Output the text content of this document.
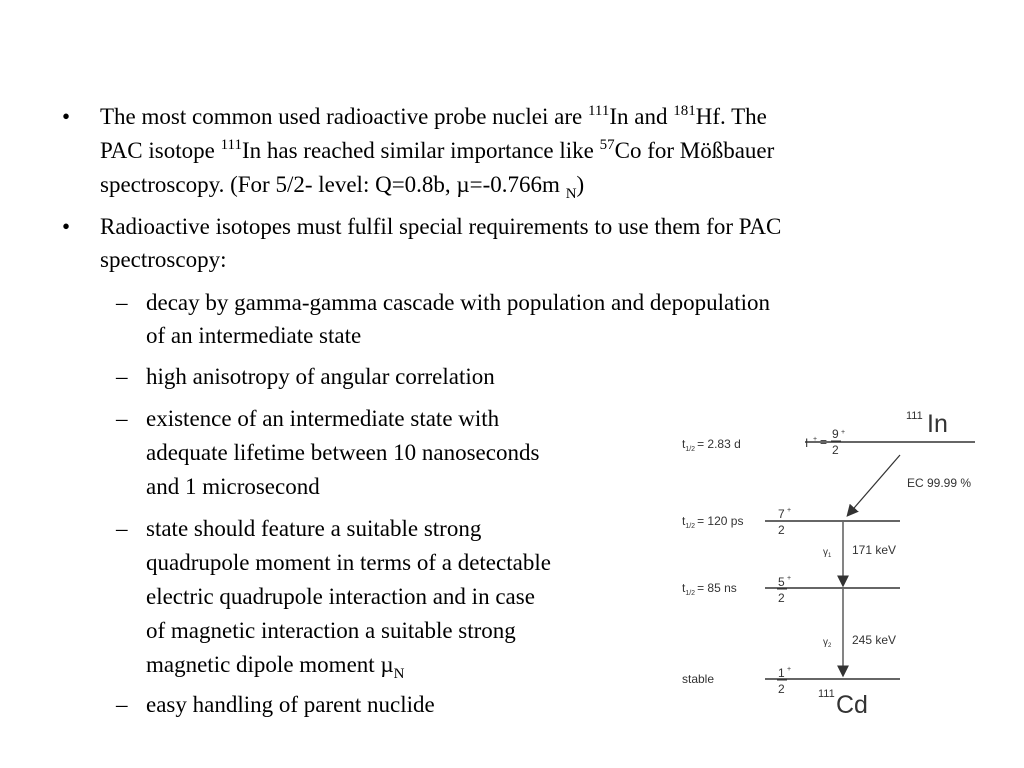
• The most common used radioactive probe nuclei are $^{111}$In and $^{181}$Hf. The
PAC isotope $^{111}$In has reached similar importance like $^{57}$Co for Mößbauer
spectroscopy. (For 5/2- level: Q=0.8b, µ=-0.766m $_N$)
• Radioactive isotopes must fulfil special requirements to use them for PAC
spectroscopy:
– decay by gamma-gamma cascade with population and depopulation
of an intermediate state
– high anisotropy of angular correlation
– existence of an intermediate state with
adequate lifetime between 10 nanoseconds
and 1 microsecond
– state should feature a suitable strong
quadrupole moment in terms of a detectable
electric quadrupole interaction and in case
of magnetic interaction a suitable strong
magnetic dipole moment µ$_N$
– easy handling of parent nuclide
111 In
$t_{1/2} = 2.83$ d	I + =
9
2
+
EC 99.99 %
$t_{1/2} = 120$ ps	7
2
+
$\gamma_1$ 171 keV
$t_{1/2} = 85$ ns	5
2
+
$\gamma_2$ 245 keV
stable	1
2
+
111 Cd
